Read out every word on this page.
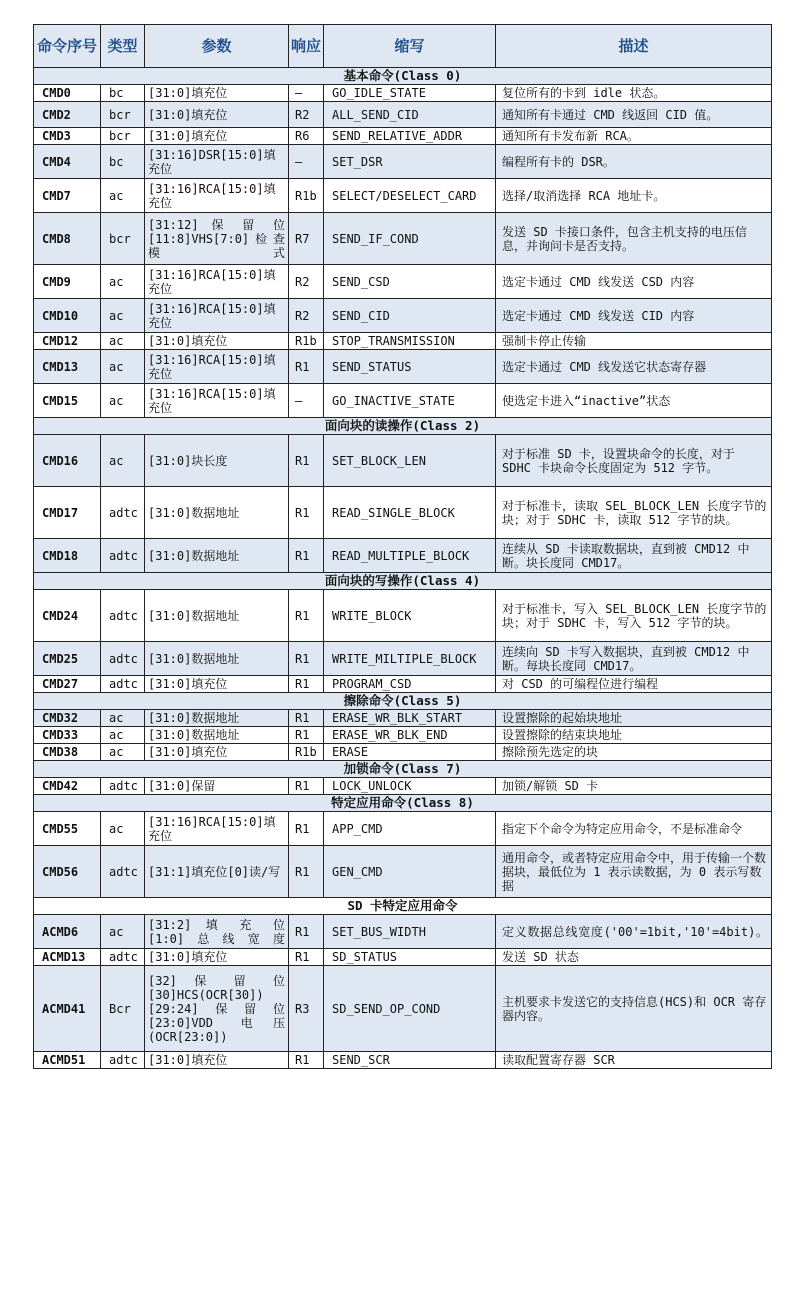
命令序号	类型	参数	响应	缩写	描述
基本命令(Class 0)					
CMD0	bc	[31:0]填充位	–	GO_IDLE_STATE	复位所有的卡到 idle 状态。
CMD2	bcr	[31:0]填充位	R2	ALL_SEND_CID	通知所有卡通过 CMD 线返回 CID 值。
CMD3	bcr	[31:0]填充位	R6	SEND_RELATIVE_ADDR	通知所有卡发布新 RCA。
CMD4	bc	[31:16]DSR[15:0]填充位	–	SET_DSR	编程所有卡的 DSR。
CMD7	ac	[31:16]RCA[15:0]填充位	R1b	SELECT/DESELECT_CARD	选择/取消选择 RCA 地址卡。
CMD8	bcr	[31:12] 保 留 位[11:8]VHS[7:0]检查模式	R7	SEND_IF_COND	发送 SD 卡接口条件，包含主机支持的电压信息，并询问卡是否支持。
CMD9	ac	[31:16]RCA[15:0]填充位	R2	SEND_CSD	选定卡通过 CMD 线发送 CSD 内容
CMD10	ac	[31:16]RCA[15:0]填充位	R2	SEND_CID	选定卡通过 CMD 线发送 CID 内容
CMD12	ac	[31:0]填充位	R1b	STOP_TRANSMISSION	强制卡停止传输
CMD13	ac	[31:16]RCA[15:0]填充位	R1	SEND_STATUS	选定卡通过 CMD 线发送它状态寄存器
CMD15	ac	[31:16]RCA[15:0]填充位	–	GO_INACTIVE_STATE	使选定卡进入“inactive”状态
面向块的读操作(Class 2)					
CMD16	ac	[31:0]块长度	R1	SET_BLOCK_LEN	对于标准 SD 卡，设置块命令的长度，对于 SDHC 卡块命令长度固定为 512 字节。
CMD17	adtc	[31:0]数据地址	R1	READ_SINGLE_BLOCK	对于标准卡，读取 SEL_BLOCK_LEN 长度字节的块；对于 SDHC 卡，读取 512 字节的块。
CMD18	adtc	[31:0]数据地址	R1	READ_MULTIPLE_BLOCK	连续从 SD 卡读取数据块，直到被 CMD12 中断。块长度同 CMD17。
面向块的写操作(Class 4)					
CMD24	adtc	[31:0]数据地址	R1	WRITE_BLOCK	对于标准卡，写入 SEL_BLOCK_LEN 长度字节的块；对于 SDHC 卡，写入 512 字节的块。
CMD25	adtc	[31:0]数据地址	R1	WRITE_MILTIPLE_BLOCK	连续向 SD 卡写入数据块，直到被 CMD12 中断。每块长度同 CMD17。
CMD27	adtc	[31:0]填充位	R1	PROGRAM_CSD	对 CSD 的可编程位进行编程
擦除命令(Class 5)					
CMD32	ac	[31:0]数据地址	R1	ERASE_WR_BLK_START	设置擦除的起始块地址
CMD33	ac	[31:0]数据地址	R1	ERASE_WR_BLK_END	设置擦除的结束块地址
CMD38	ac	[31:0]填充位	R1b	ERASE	擦除预先选定的块
加锁命令(Class 7)					
CMD42	adtc	[31:0]保留	R1	LOCK_UNLOCK	加锁/解锁 SD 卡
特定应用命令(Class 8)					
CMD55	ac	[31:16]RCA[15:0]填充位	R1	APP_CMD	指定下个命令为特定应用命令，不是标准命令
CMD56	adtc	[31:1]填充位[0]读/写	R1	GEN_CMD	通用命令，或者特定应用命令中，用于传输一个数据块，最低位为 1 表示读数据，为 0 表示写数据
SD 卡特定应用命令					
ACMD6	ac	[31:2] 填 充 位[1:0]总线宽度	R1	SET_BUS_WIDTH	定义数据总线宽度('00'=1bit,'10'=4bit)。
ACMD13	adtc	[31:0]填充位	R1	SD_STATUS	发送 SD 状态
ACMD41	Bcr	[32] 保 留 位[30]HCS(OCR[30])[29:24]保留位[23:0]VDD 电压(OCR[23:0])	R3	SD_SEND_OP_COND	主机要求卡发送它的支持信息(HCS)和 OCR 寄存器内容。
ACMD51	adtc	[31:0]填充位	R1	SEND_SCR	读取配置寄存器 SCR
